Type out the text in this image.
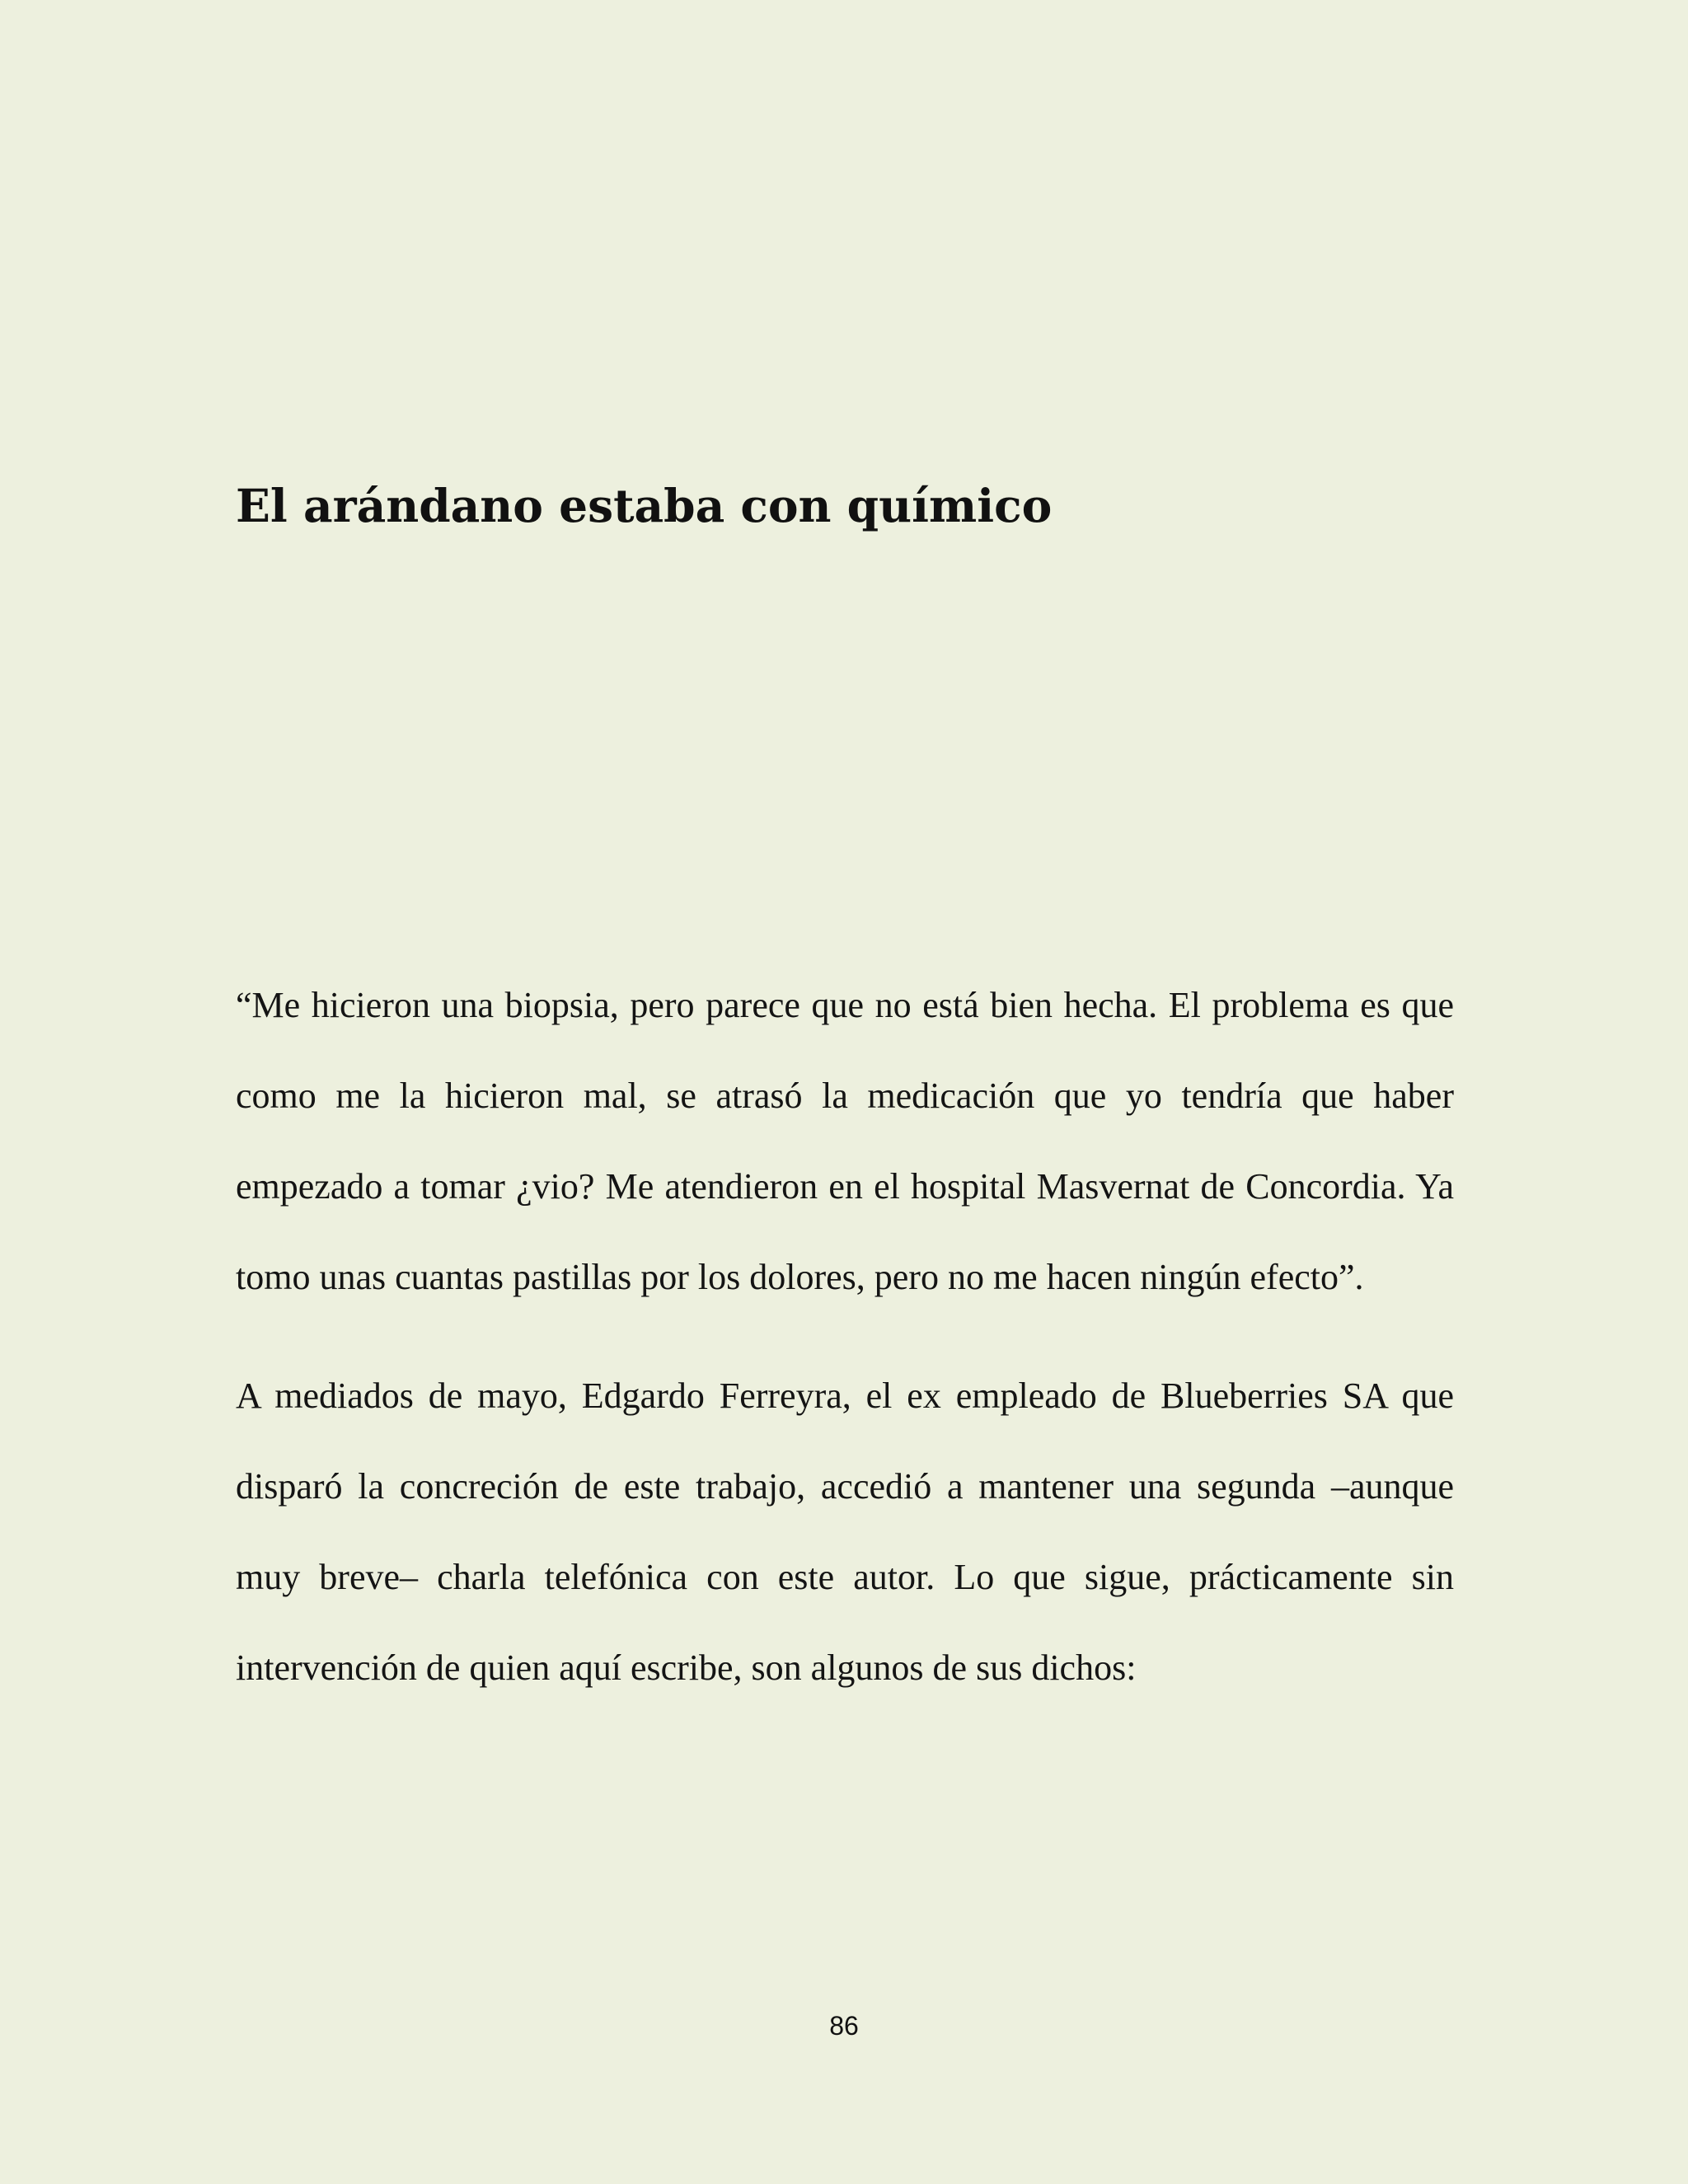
El arándano estaba con químico

“Me hicieron una biopsia, pero parece que no está bien hecha. El problema es que como me la hicieron mal, se atrasó la medicación que yo tendría que haber empezado a tomar ¿vio? Me atendieron en el hospital Masvernat de Concordia. Ya tomo unas cuantas pastillas por los dolores, pero no me hacen ningún efecto”.

A mediados de mayo, Edgardo Ferreyra, el ex empleado de Blueberries SA que disparó la concreción de este trabajo, accedió a mantener una segunda –aunque muy breve– charla telefónica con este autor. Lo que sigue, prácticamente sin intervención de quien aquí escribe, son algunos de sus dichos:

86
